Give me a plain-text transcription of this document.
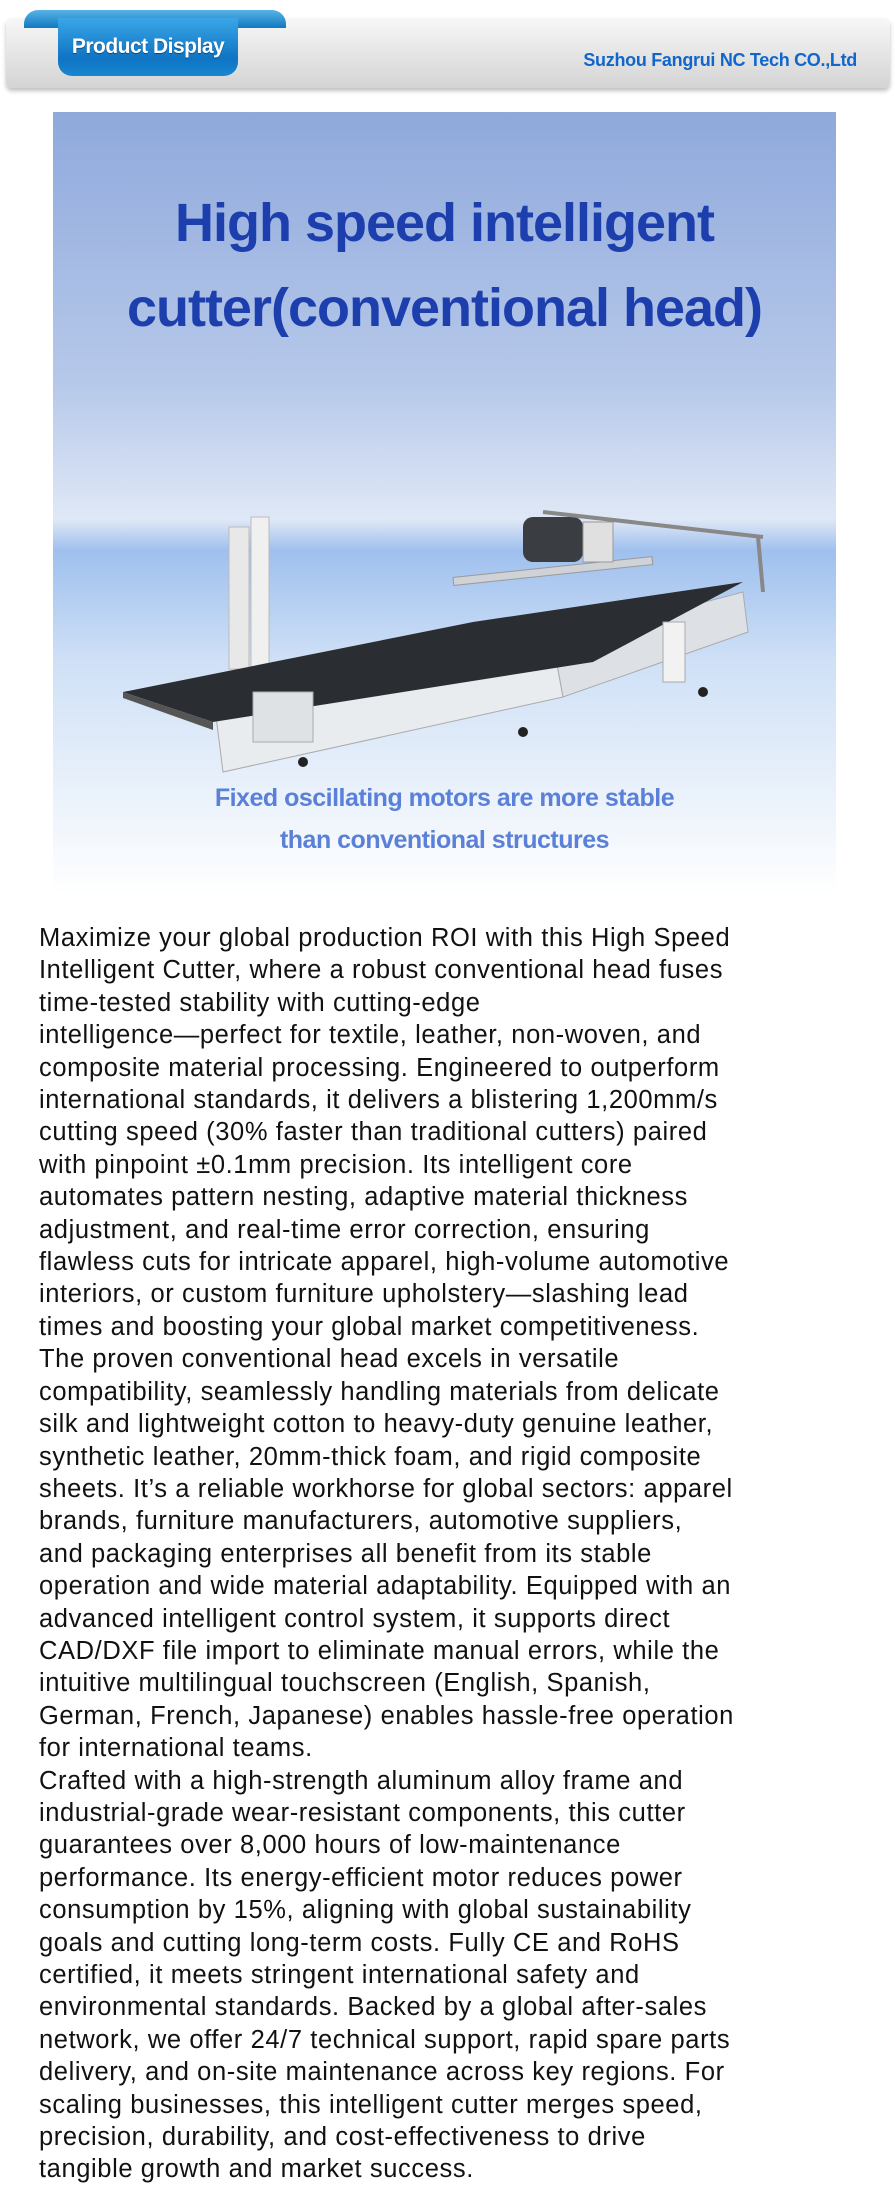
Product Display
Suzhou Fangrui NC Tech CO.,Ltd
High speed intelligent
cutter(conventional head)
Fixed oscillating motors are more stable
than conventional structures
Maximize your global production ROI with this High Speed
Intelligent Cutter, where a robust conventional head fuses
time-tested stability with cutting-edge
intelligence—perfect for textile, leather, non-woven, and
composite material processing. Engineered to outperform
international standards, it delivers a blistering 1,200mm/s
cutting speed (30% faster than traditional cutters) paired
with pinpoint ±0.1mm precision. Its intelligent core
automates pattern nesting, adaptive material thickness
adjustment, and real-time error correction, ensuring
flawless cuts for intricate apparel, high-volume automotive
interiors, or custom furniture upholstery—slashing lead
times and boosting your global market competitiveness.
The proven conventional head excels in versatile
compatibility, seamlessly handling materials from delicate
silk and lightweight cotton to heavy-duty genuine leather,
synthetic leather, 20mm-thick foam, and rigid composite
sheets. It’s a reliable workhorse for global sectors: apparel
brands, furniture manufacturers, automotive suppliers,
and packaging enterprises all benefit from its stable
operation and wide material adaptability. Equipped with an
advanced intelligent control system, it supports direct
CAD/DXF file import to eliminate manual errors, while the
intuitive multilingual touchscreen (English, Spanish,
German, French, Japanese) enables hassle-free operation
for international teams.
Crafted with a high-strength aluminum alloy frame and
industrial-grade wear-resistant components, this cutter
guarantees over 8,000 hours of low-maintenance
performance. Its energy-efficient motor reduces power
consumption by 15%, aligning with global sustainability
goals and cutting long-term costs. Fully CE and RoHS
certified, it meets stringent international safety and
environmental standards. Backed by a global after-sales
network, we offer 24/7 technical support, rapid spare parts
delivery, and on-site maintenance across key regions. For
scaling businesses, this intelligent cutter merges speed,
precision, durability, and cost-effectiveness to drive
tangible growth and market success.
